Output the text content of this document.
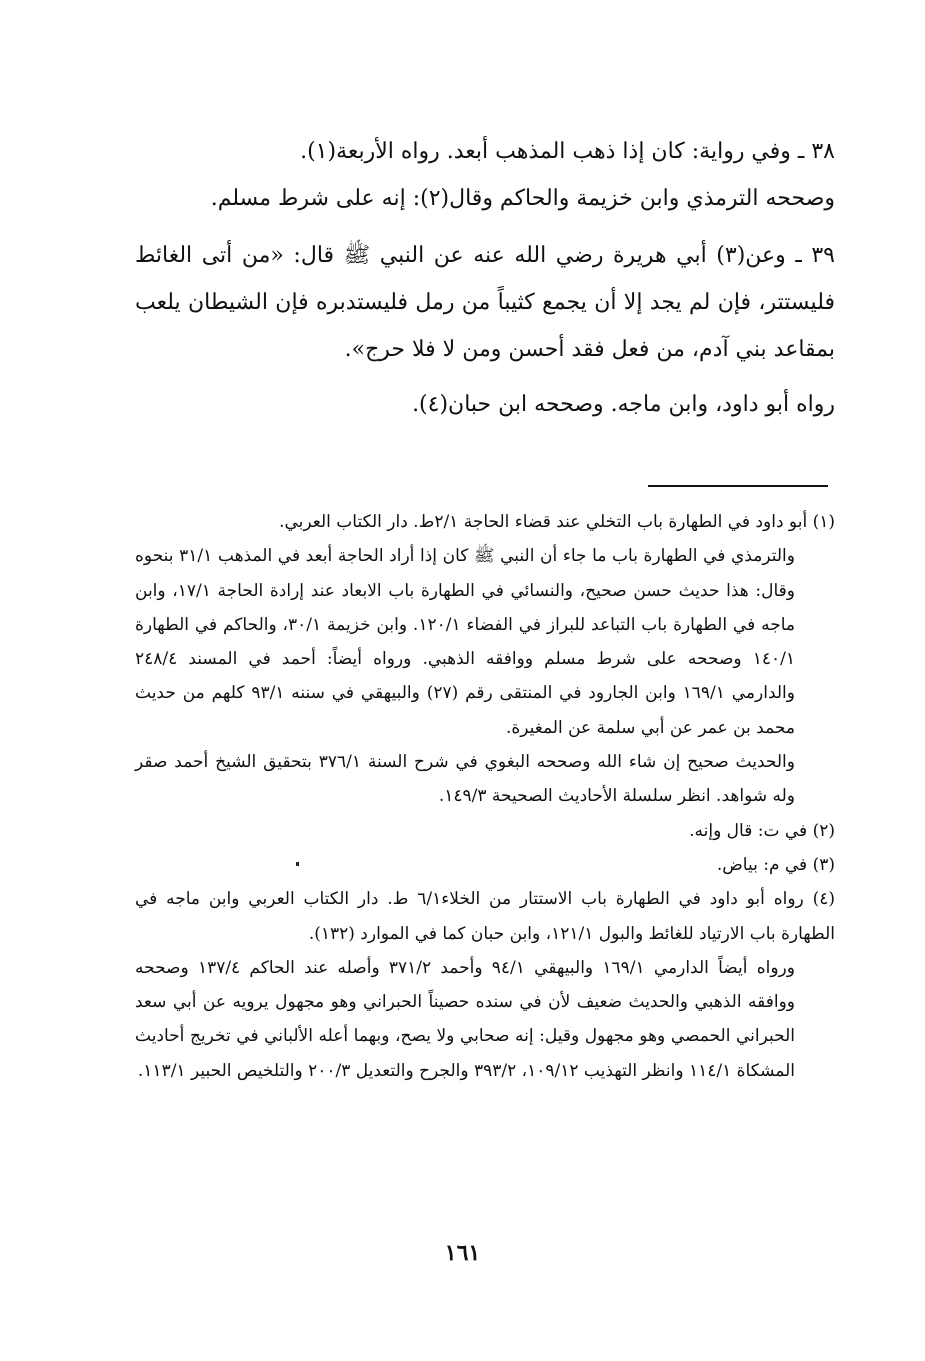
٣٨ ـ وفي رواية: كان إذا ذهب المذهب أبعد. رواه الأربعة(١).

وصححه الترمذي وابن خزيمة والحاكم وقال(٢): إنه على شرط مسلم.

٣٩ ـ وعن(٣) أبي هريرة رضي الله عنه عن النبي ﷺ قال: «من أتى الغائط فليستتر، فإن لم يجد إلا أن يجمع كثيباً من رمل فليستدبره فإن الشيطان يلعب بمقاعد بني آدم، من فعل فقد أحسن ومن لا فلا حرج».

رواه أبو داود، وابن ماجه. وصححه ابن حبان(٤).

(١) أبو داود في الطهارة باب التخلي عند قضاء الحاجة ٢/١ط. دار الكتاب العربي.

والترمذي في الطهارة باب ما جاء أن النبي ﷺ كان إذا أراد الحاجة أبعد في المذهب ٣١/١ بنحوه وقال: هذا حديث حسن صحيح، والنسائي في الطهارة باب الابعاد عند إرادة الحاجة ١٧/١، وابن ماجه في الطهارة باب التباعد للبراز في الفضاء ١٢٠/١. وابن خزيمة ٣٠/١، والحاكم في الطهارة ١٤٠/١ وصححه على شرط مسلم ووافقه الذهبي. ورواه أيضاً: أحمد في المسند ٢٤٨/٤ والدارمي ١٦٩/١ وابن الجارود في المنتقى رقم (٢٧) والبيهقي في سننه ٩٣/١ كلهم من حديث محمد بن عمر عن أبي سلمة عن المغيرة.

والحديث صحيح إن شاء الله وصححه البغوي في شرح السنة ٣٧٦/١ بتحقيق الشيخ أحمد صقر وله شواهد. انظر سلسلة الأحاديث الصحيحة ١٤٩/٣.

(٢) في ت: قال وإنه.

(٣) في م: بياض.

(٤) رواه أبو داود في الطهارة باب الاستتار من الخلاء٦/١ ط. دار الكتاب العربي وابن ماجه في الطهارة باب الارتياد للغائط والبول ١٢١/١، وابن حبان كما في الموارد (١٣٢).

ورواه أيضاً الدارمي ١٦٩/١ والبيهقي ٩٤/١ وأحمد ٣٧١/٢ وأصله عند الحاكم ١٣٧/٤ وصححه ووافقه الذهبي والحديث ضعيف لأن في سنده حصيناً الحبراني وهو مجهول يرويه عن أبي سعد الحبراني الحمصي وهو مجهول وقيل: إنه صحابي ولا يصح، وبهما أعله الألباني في تخريج أحاديث المشكاة ١١٤/١ وانظر التهذيب ١٠٩/١٢، ٣٩٣/٢ والجرح والتعديل ٢٠٠/٣ والتلخيص الحبير ١١٣/١.

١٦١
